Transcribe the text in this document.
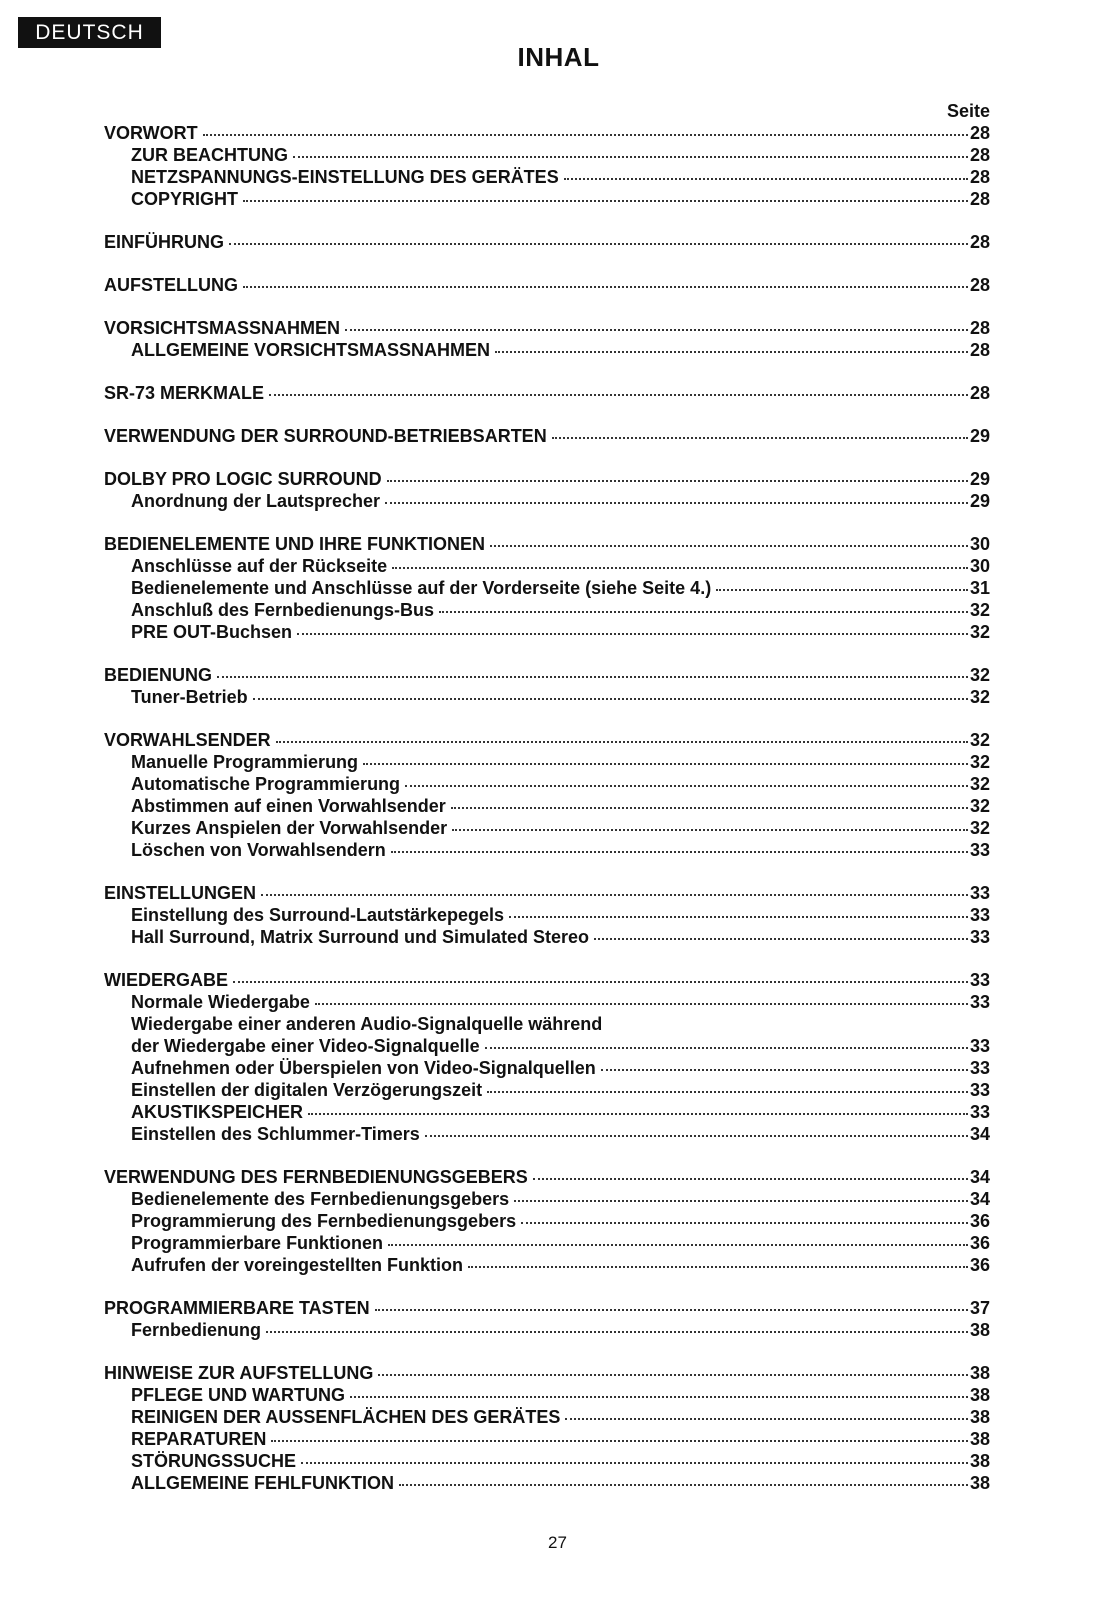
DEUTSCH
INHAL
Seite
VORWORT	28
ZUR BEACHTUNG	28
NETZSPANNUNGS-EINSTELLUNG DES GERÄTES	28
COPYRIGHT	28
EINFÜHRUNG	28
AUFSTELLUNG	28
VORSICHTSMASSNAHMEN	28
ALLGEMEINE VORSICHTSMASSNAHMEN	28
SR-73 MERKMALE	28
VERWENDUNG DER SURROUND-BETRIEBSARTEN	29
DOLBY PRO LOGIC SURROUND	29
Anordnung der Lautsprecher	29
BEDIENELEMENTE UND IHRE FUNKTIONEN	30
Anschlüsse auf der Rückseite	30
Bedienelemente und Anschlüsse auf der Vorderseite (siehe Seite 4.)	31
Anschluß des Fernbedienungs-Bus	32
PRE OUT-Buchsen	32
BEDIENUNG	32
Tuner-Betrieb	32
VORWAHLSENDER	32
Manuelle Programmierung	32
Automatische Programmierung	32
Abstimmen auf einen Vorwahlsender	32
Kurzes Anspielen der Vorwahlsender	32
Löschen von Vorwahlsendern	33
EINSTELLUNGEN	33
Einstellung des Surround-Lautstärkepegels	33
Hall Surround, Matrix Surround und Simulated Stereo	33
WIEDERGABE	33
Normale Wiedergabe	33
Wiedergabe einer anderen Audio-Signalquelle während
der Wiedergabe einer Video-Signalquelle	33
Aufnehmen oder Überspielen von Video-Signalquellen	33
Einstellen der digitalen Verzögerungszeit	33
AKUSTIKSPEICHER	33
Einstellen des Schlummer-Timers	34
VERWENDUNG DES FERNBEDIENUNGSGEBERS	34
Bedienelemente des Fernbedienungsgebers	34
Programmierung des Fernbedienungsgebers	36
Programmierbare Funktionen	36
Aufrufen der voreingestellten Funktion	36
PROGRAMMIERBARE TASTEN	37
Fernbedienung	38
HINWEISE ZUR AUFSTELLUNG	38
PFLEGE UND WARTUNG	38
REINIGEN DER AUSSENFLÄCHEN DES GERÄTES	38
REPARATUREN	38
STÖRUNGSSUCHE	38
ALLGEMEINE FEHLFUNKTION	38
27
